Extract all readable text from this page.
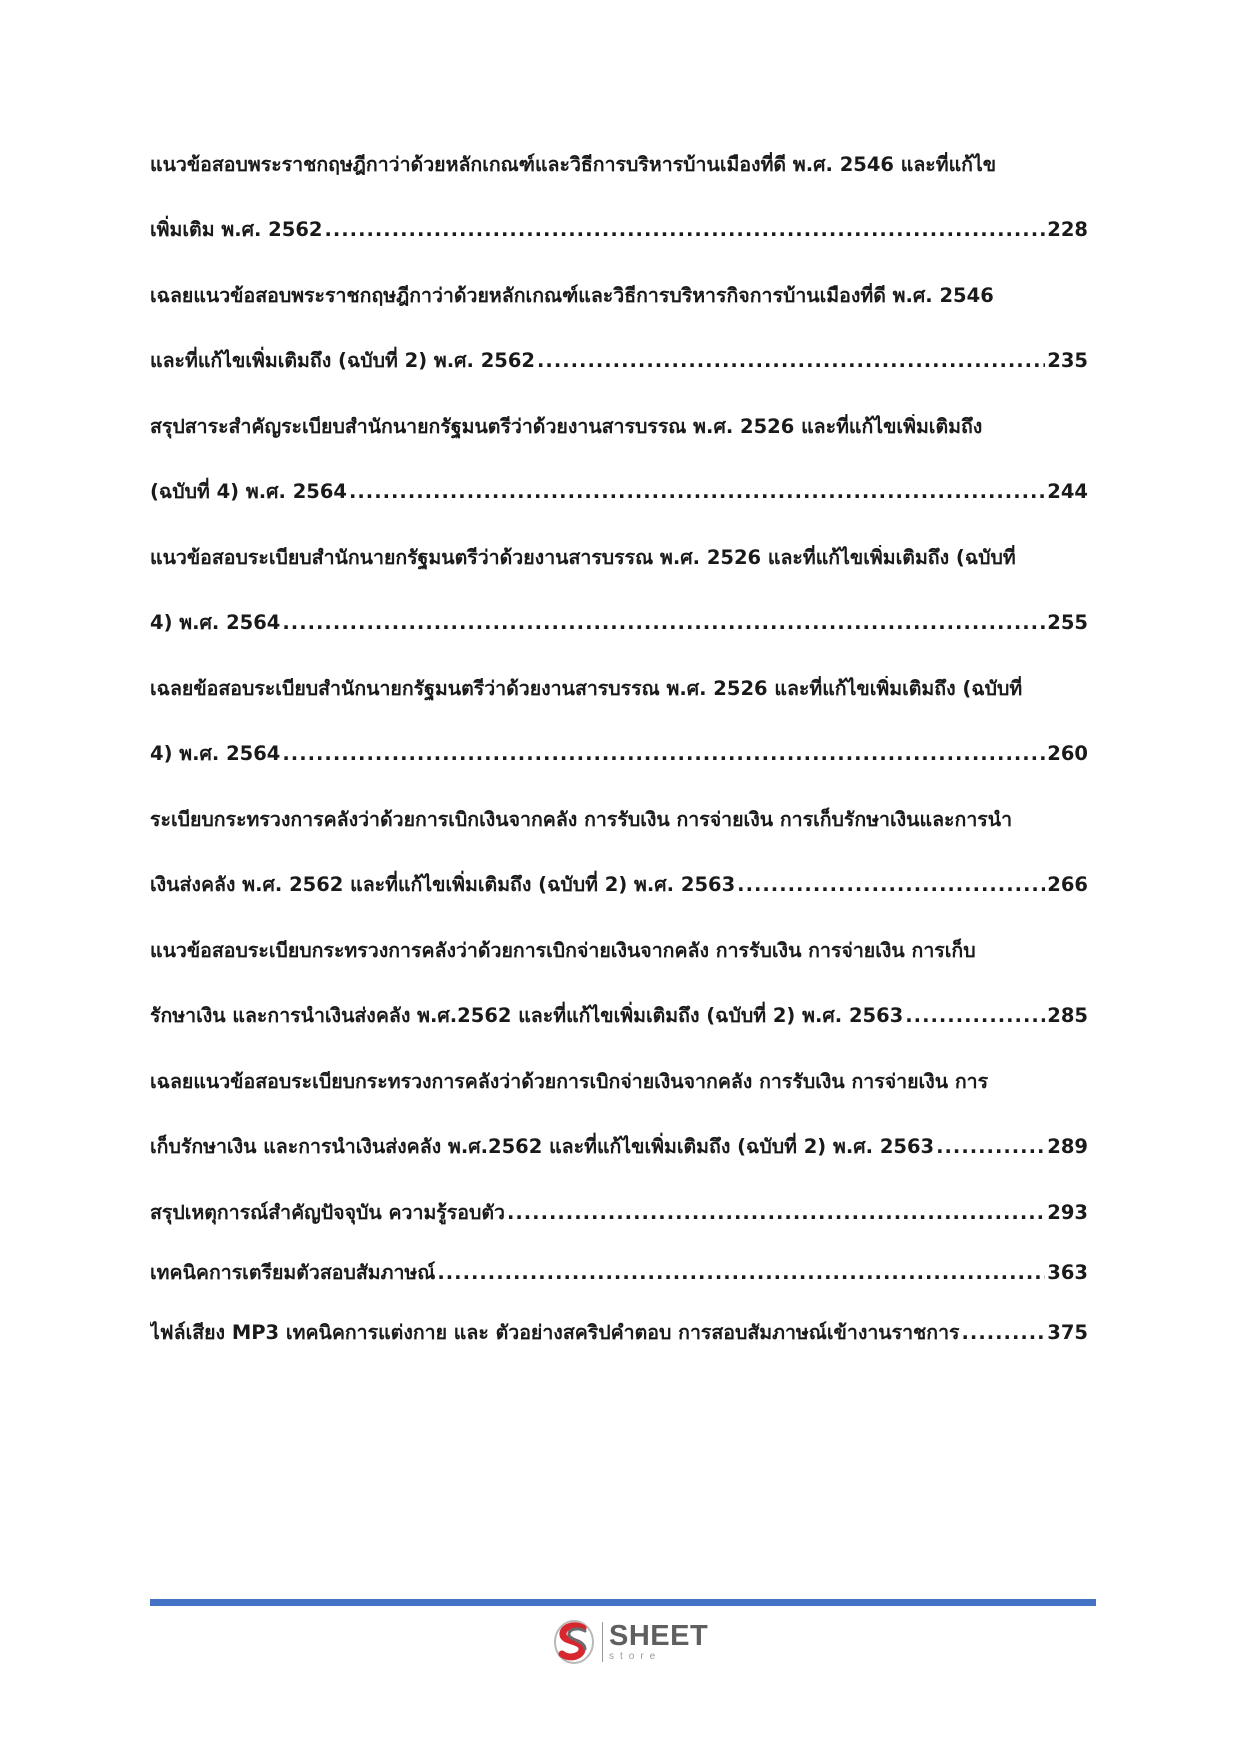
แนวข้อสอบพระราชกฤษฎีกาว่าด้วยหลักเกณฑ์และวิธีการบริหารบ้านเมืองที่ดี พ.ศ. 2546 และที่แก้ไข
เพิ่มเติม พ.ศ. 2562 .....	228
เฉลยแนวข้อสอบพระราชกฤษฎีกาว่าด้วยหลักเกณฑ์และวิธีการบริหารกิจการบ้านเมืองที่ดี พ.ศ. 2546
และที่แก้ไขเพิ่มเติมถึง (ฉบับที่ 2) พ.ศ. 2562 .....	235
สรุปสาระสำคัญระเบียบสำนักนายกรัฐมนตรีว่าด้วยงานสารบรรณ พ.ศ. 2526 และที่แก้ไขเพิ่มเติมถึง
(ฉบับที่ 4) พ.ศ. 2564 .....	244
แนวข้อสอบระเบียบสำนักนายกรัฐมนตรีว่าด้วยงานสารบรรณ พ.ศ. 2526 และที่แก้ไขเพิ่มเติมถึง (ฉบับที่
4) พ.ศ. 2564 .....	255
เฉลยข้อสอบระเบียบสำนักนายกรัฐมนตรีว่าด้วยงานสารบรรณ พ.ศ. 2526 และที่แก้ไขเพิ่มเติมถึง (ฉบับที่
4) พ.ศ. 2564 .....	260
ระเบียบกระทรวงการคลังว่าด้วยการเบิกเงินจากคลัง การรับเงิน การจ่ายเงิน การเก็บรักษาเงินและการนำ
เงินส่งคลัง พ.ศ. 2562 และที่แก้ไขเพิ่มเติมถึง (ฉบับที่ 2) พ.ศ. 2563 .....	266
แนวข้อสอบระเบียบกระทรวงการคลังว่าด้วยการเบิกจ่ายเงินจากคลัง การรับเงิน การจ่ายเงิน การเก็บ
รักษาเงิน และการนำเงินส่งคลัง พ.ศ.2562 และที่แก้ไขเพิ่มเติมถึง (ฉบับที่ 2) พ.ศ. 2563 .....	285
เฉลยแนวข้อสอบระเบียบกระทรวงการคลังว่าด้วยการเบิกจ่ายเงินจากคลัง การรับเงิน การจ่ายเงิน การ
เก็บรักษาเงิน และการนำเงินส่งคลัง พ.ศ.2562 และที่แก้ไขเพิ่มเติมถึง (ฉบับที่ 2) พ.ศ. 2563 .....	289
สรุปเหตุการณ์สำคัญปัจจุบัน ความรู้รอบตัว .....	293
เทคนิคการเตรียมตัวสอบสัมภาษณ์ .....	363
ไฟล์เสียง MP3 เทคนิคการแต่งกาย และ ตัวอย่างสคริปคำตอบ การสอบสัมภาษณ์เข้างานราชการ .....	375
SHEET
store
